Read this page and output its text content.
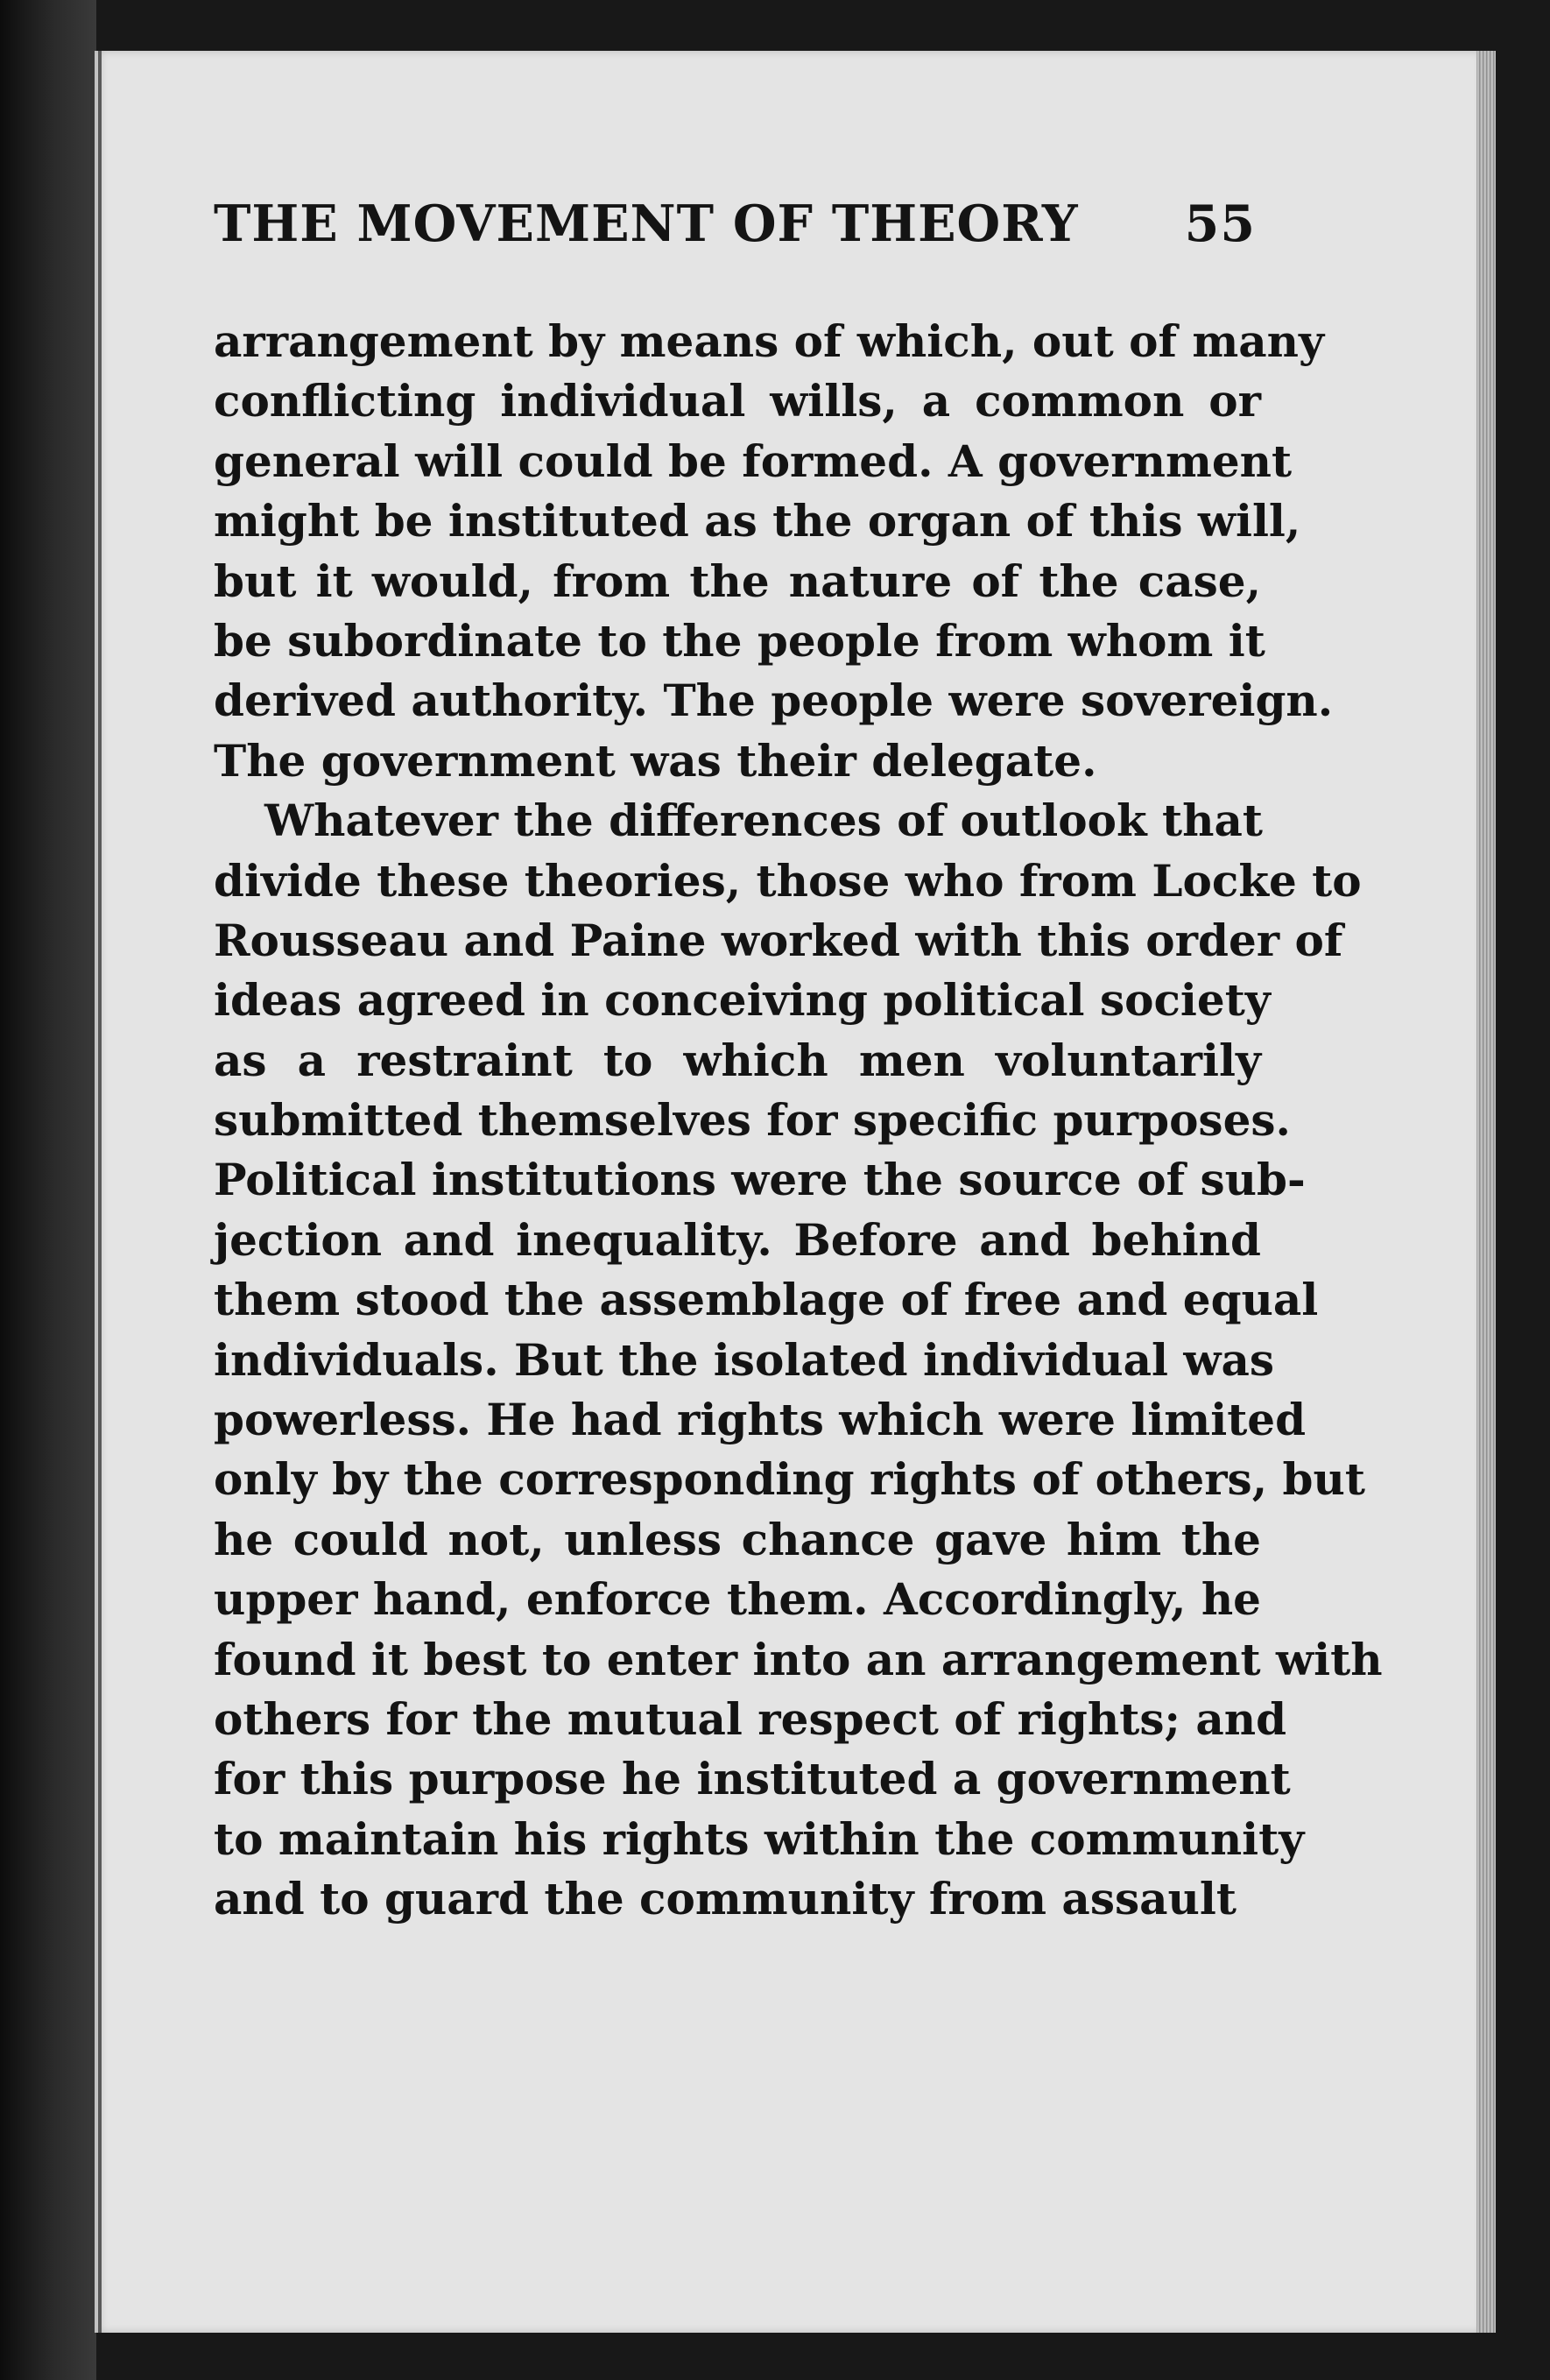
THE MOVEMENT OF THEORY 55
arrangement by means of which, out of many
conflicting individual wills, a common or
general will could be formed. A government
might be instituted as the organ of this will,
but it would, from the nature of the case,
be subordinate to the people from whom it
derived authority. The people were sovereign.
The government was their delegate.
Whatever the differences of outlook that
divide these theories, those who from Locke to
Rousseau and Paine worked with this order of
ideas agreed in conceiving political society
as a restraint to which men voluntarily
submitted themselves for specific purposes.
Political institutions were the source of sub-
jection and inequality. Before and behind
them stood the assemblage of free and equal
individuals. But the isolated individual was
powerless. He had rights which were limited
only by the corresponding rights of others, but
he could not, unless chance gave him the
upper hand, enforce them. Accordingly, he
found it best to enter into an arrangement with
others for the mutual respect of rights; and
for this purpose he instituted a government
to maintain his rights within the community
and to guard the community from assault
